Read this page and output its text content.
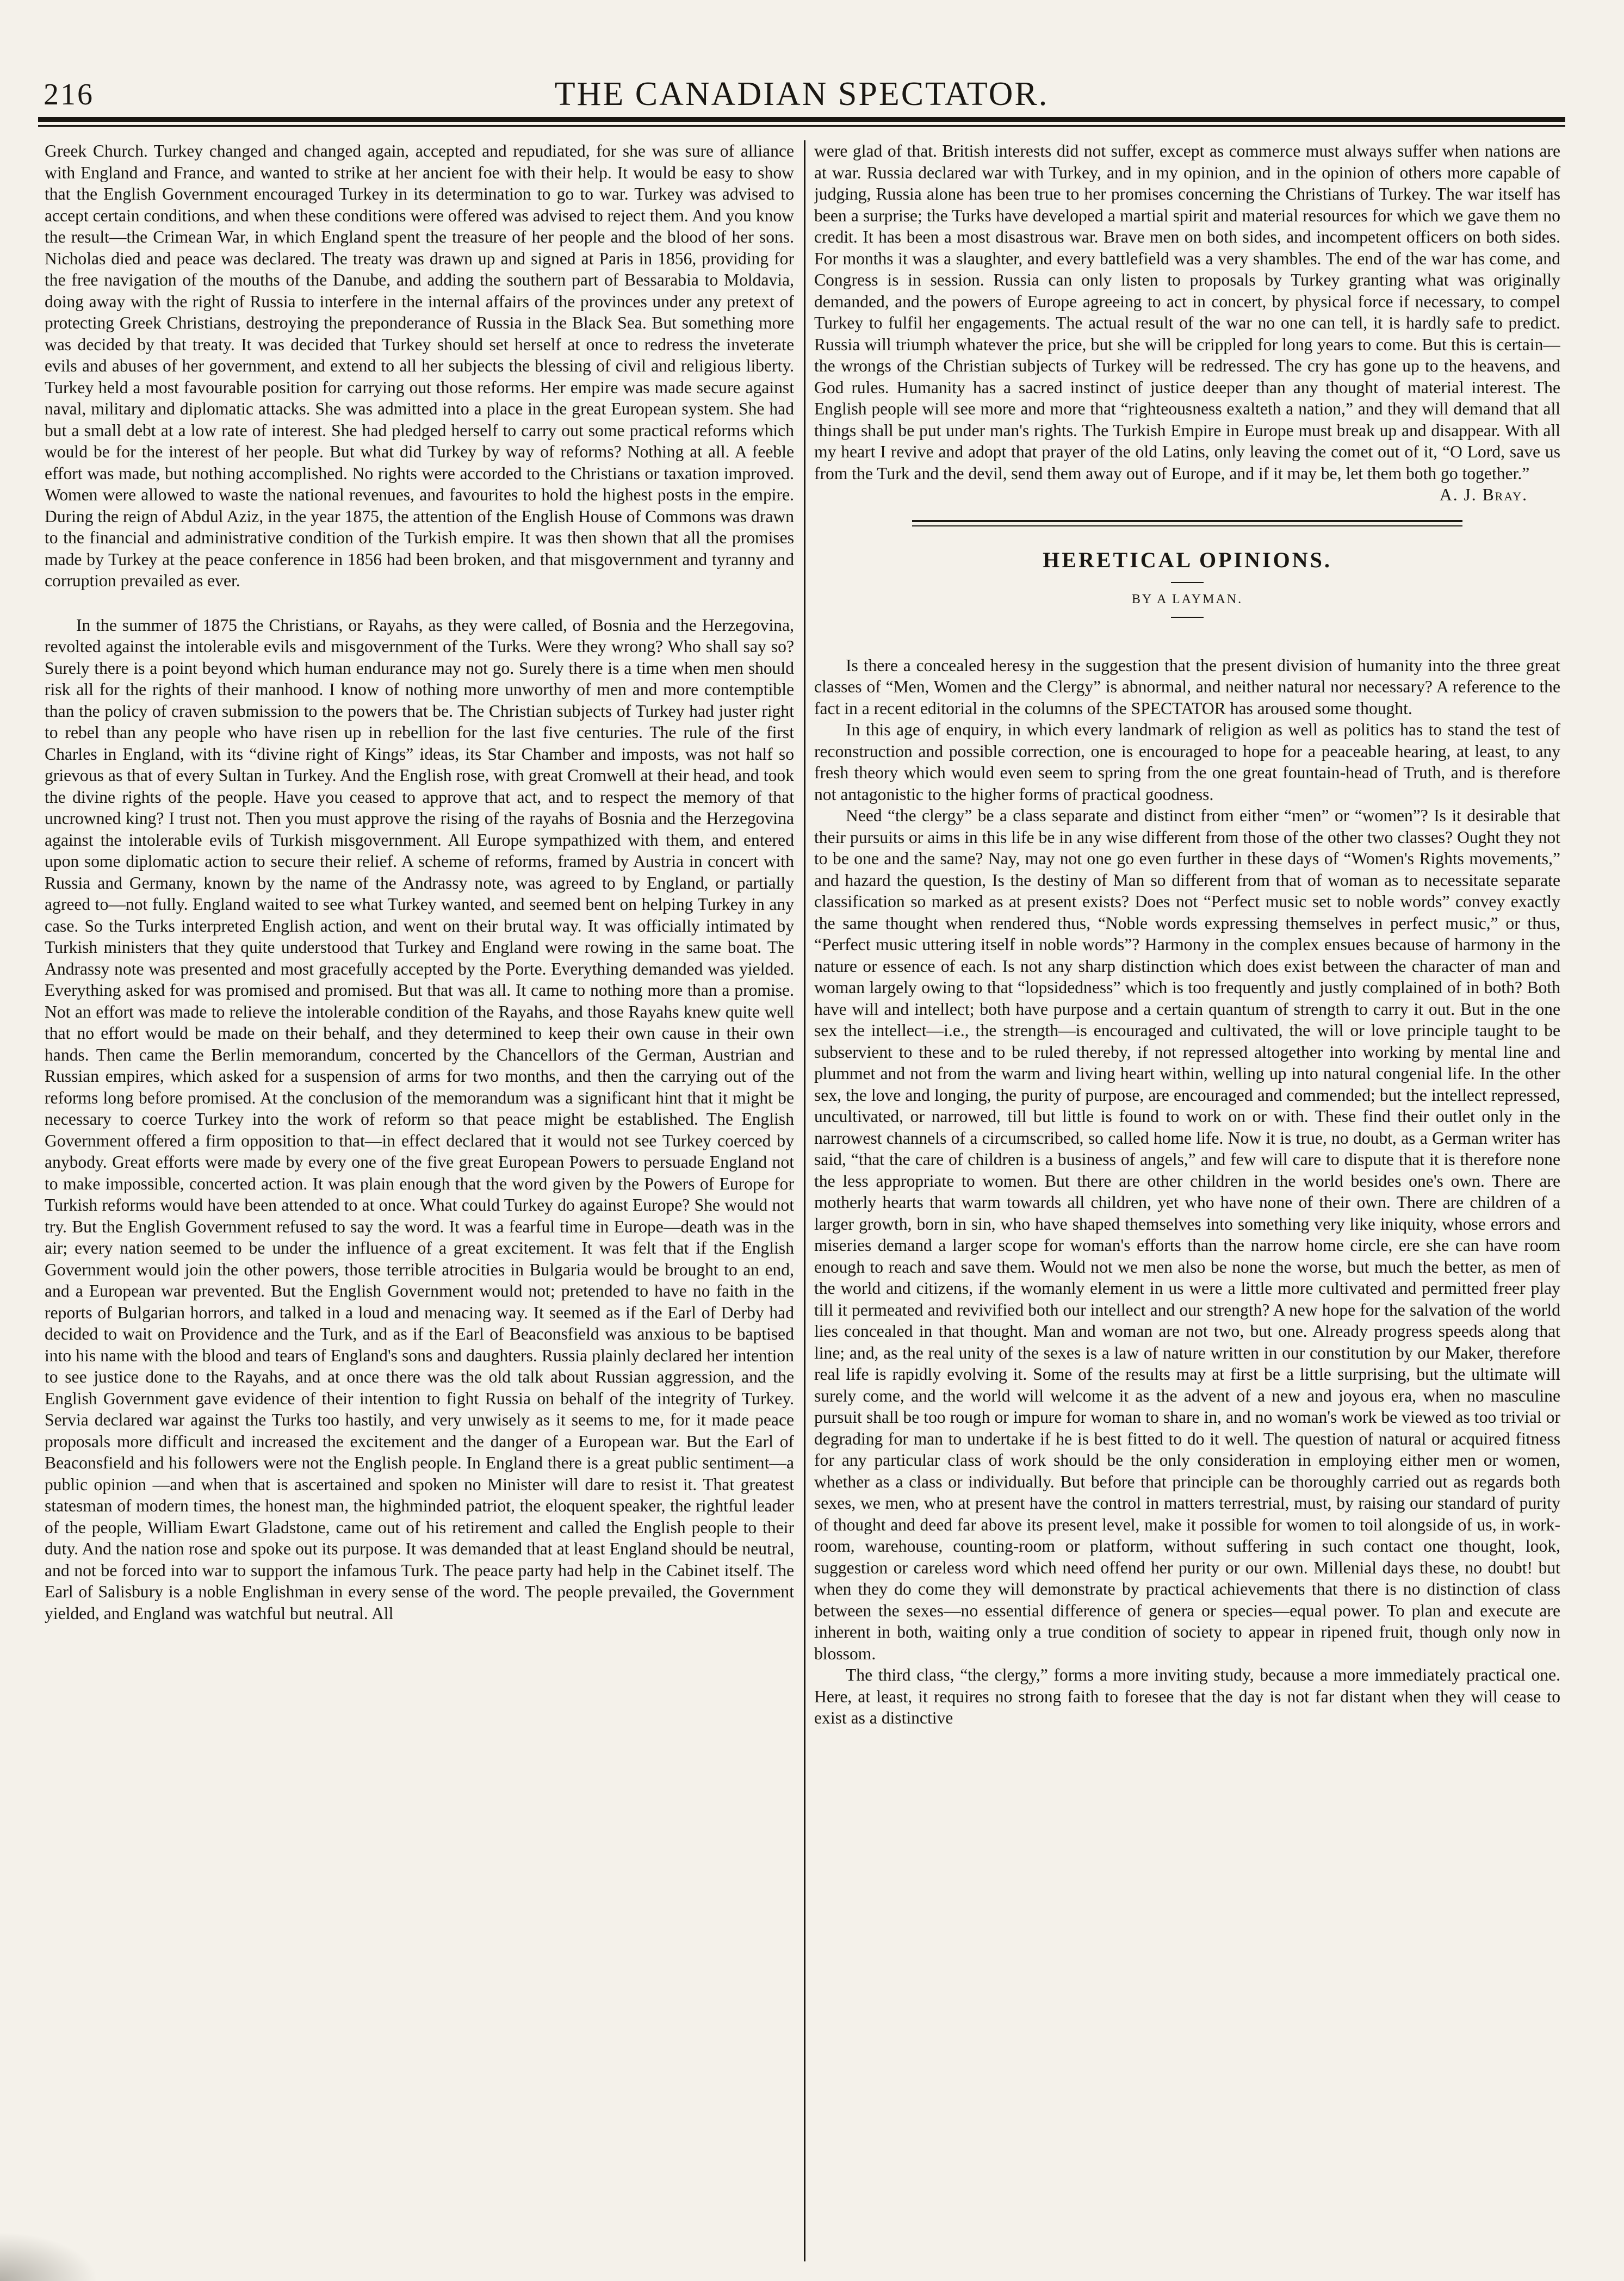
216	THE CANADIAN SPECTATOR.

Greek Church. Turkey changed and changed again, accepted and repudiated, for she was sure of alliance with England and France, and wanted to strike at her ancient foe with their help. It would be easy to show that the English Government encouraged Turkey in its determination to go to war. Turkey was advised to accept certain conditions, and when these conditions were offered was advised to reject them. And you know the result—the Crimean War, in which England spent the treasure of her people and the blood of her sons. Nicholas died and peace was declared. The treaty was drawn up and signed at Paris in 1856, providing for the free navigation of the mouths of the Danube, and adding the southern part of Bessarabia to Moldavia, doing away with the right of Russia to interfere in the internal affairs of the provinces under any pretext of protecting Greek Christians, destroying the preponderance of Russia in the Black Sea. But something more was decided by that treaty. It was decided that Turkey should set herself at once to redress the inveterate evils and abuses of her government, and extend to all her subjects the blessing of civil and religious liberty. Turkey held a most favourable position for carrying out those reforms. Her empire was made secure against naval, military and diplomatic attacks. She was admitted into a place in the great European system. She had but a small debt at a low rate of interest. She had pledged herself to carry out some practical reforms which would be for the interest of her people. But what did Turkey by way of reforms? Nothing at all. A feeble effort was made, but nothing accomplished. No rights were accorded to the Christians or taxation improved. Women were allowed to waste the national revenues, and favourites to hold the highest posts in the empire. During the reign of Abdul Aziz, in the year 1875, the attention of the English House of Commons was drawn to the financial and administrative condition of the Turkish empire. It was then shown that all the promises made by Turkey at the peace conference in 1856 had been broken, and that misgovernment and tyranny and corruption prevailed as ever.

In the summer of 1875 the Christians, or Rayahs, as they were called, of Bosnia and the Herzegovina, revolted against the intolerable evils and misgovernment of the Turks. Were they wrong? Who shall say so? Surely there is a point beyond which human endurance may not go. Surely there is a time when men should risk all for the rights of their manhood. I know of nothing more unworthy of men and more contemptible than the policy of craven submission to the powers that be. The Christian subjects of Turkey had juster right to rebel than any people who have risen up in rebellion for the last five centuries. The rule of the first Charles in England, with its “divine right of Kings” ideas, its Star Chamber and imposts, was not half so grievous as that of every Sultan in Turkey. And the English rose, with great Cromwell at their head, and took the divine rights of the people. Have you ceased to approve that act, and to respect the memory of that uncrowned king? I trust not. Then you must approve the rising of the rayahs of Bosnia and the Herzegovina against the intolerable evils of Turkish misgovernment. All Europe sympathized with them, and entered upon some diplomatic action to secure their relief. A scheme of reforms, framed by Austria in concert with Russia and Germany, known by the name of the Andrassy note, was agreed to by England, or partially agreed to—not fully. England waited to see what Turkey wanted, and seemed bent on helping Turkey in any case. So the Turks interpreted English action, and went on their brutal way. It was officially intimated by Turkish ministers that they quite understood that Turkey and England were rowing in the same boat. The Andrassy note was presented and most gracefully accepted by the Porte. Everything demanded was yielded. Everything asked for was promised and promised. But that was all. It came to nothing more than a promise. Not an effort was made to relieve the intolerable condition of the Rayahs, and those Rayahs knew quite well that no effort would be made on their behalf, and they determined to keep their own cause in their own hands. Then came the Berlin memorandum, concerted by the Chancellors of the German, Austrian and Russian empires, which asked for a suspension of arms for two months, and then the carrying out of the reforms long before promised. At the conclusion of the memorandum was a significant hint that it might be necessary to coerce Turkey into the work of reform so that peace might be established. The English Government offered a firm opposition to that—in effect declared that it would not see Turkey coerced by anybody. Great efforts were made by every one of the five great European Powers to persuade England not to make impossible, concerted action. It was plain enough that the word given by the Powers of Europe for Turkish reforms would have been attended to at once. What could Turkey do against Europe? She would not try. But the English Government refused to say the word. It was a fearful time in Europe—death was in the air; every nation seemed to be under the influence of a great excitement. It was felt that if the English Government would join the other powers, those terrible atrocities in Bulgaria would be brought to an end, and a European war prevented. But the English Government would not; pretended to have no faith in the reports of Bulgarian horrors, and talked in a loud and menacing way. It seemed as if the Earl of Derby had decided to wait on Providence and the Turk, and as if the Earl of Beaconsfield was anxious to be baptised into his name with the blood and tears of England's sons and daughters. Russia plainly declared her intention to see justice done to the Rayahs, and at once there was the old talk about Russian aggression, and the English Government gave evidence of their intention to fight Russia on behalf of the integrity of Turkey. Servia declared war against the Turks too hastily, and very unwisely as it seems to me, for it made peace proposals more difficult and increased the excitement and the danger of a European war. But the Earl of Beaconsfield and his followers were not the English people. In England there is a great public sentiment—a public opinion —and when that is ascertained and spoken no Minister will dare to resist it. That greatest statesman of modern times, the honest man, the highminded patriot, the eloquent speaker, the rightful leader of the people, William Ewart Gladstone, came out of his retirement and called the English people to their duty. And the nation rose and spoke out its purpose. It was demanded that at least England should be neutral, and not be forced into war to support the infamous Turk. The peace party had help in the Cabinet itself. The Earl of Salisbury is a noble Englishman in every sense of the word. The people prevailed, the Government yielded, and England was watchful but neutral. All

were glad of that. British interests did not suffer, except as commerce must always suffer when nations are at war. Russia declared war with Turkey, and in my opinion, and in the opinion of others more capable of judging, Russia alone has been true to her promises concerning the Christians of Turkey. The war itself has been a surprise; the Turks have developed a martial spirit and material resources for which we gave them no credit. It has been a most disastrous war. Brave men on both sides, and incompetent officers on both sides. For months it was a slaughter, and every battlefield was a very shambles. The end of the war has come, and Congress is in session. Russia can only listen to proposals by Turkey granting what was originally demanded, and the powers of Europe agreeing to act in concert, by physical force if necessary, to compel Turkey to fulfil her engagements. The actual result of the war no one can tell, it is hardly safe to predict. Russia will triumph whatever the price, but she will be crippled for long years to come. But this is certain—the wrongs of the Christian subjects of Turkey will be redressed. The cry has gone up to the heavens, and God rules. Humanity has a sacred instinct of justice deeper than any thought of material interest. The English people will see more and more that “righteousness exalteth a nation,” and they will demand that all things shall be put under man's rights. The Turkish Empire in Europe must break up and disappear. With all my heart I revive and adopt that prayer of the old Latins, only leaving the comet out of it, “O Lord, save us from the Turk and the devil, send them away out of Europe, and if it may be, let them both go together.”

A. J. Bray.
HERETICAL OPINIONS.
BY A LAYMAN.

Is there a concealed heresy in the suggestion that the present division of humanity into the three great classes of “Men, Women and the Clergy” is abnormal, and neither natural nor necessary? A reference to the fact in a recent editorial in the columns of the SPECTATOR has aroused some thought.

In this age of enquiry, in which every landmark of religion as well as politics has to stand the test of reconstruction and possible correction, one is encouraged to hope for a peaceable hearing, at least, to any fresh theory which would even seem to spring from the one great fountain-head of Truth, and is therefore not antagonistic to the higher forms of practical goodness.

Need “the clergy” be a class separate and distinct from either “men” or “women”? Is it desirable that their pursuits or aims in this life be in any wise different from those of the other two classes? Ought they not to be one and the same? Nay, may not one go even further in these days of “Women's Rights movements,” and hazard the question, Is the destiny of Man so different from that of woman as to necessitate separate classification so marked as at present exists? Does not “Perfect music set to noble words” convey exactly the same thought when rendered thus, “Noble words expressing themselves in perfect music,” or thus, “Perfect music uttering itself in noble words”? Harmony in the complex ensues because of harmony in the nature or essence of each. Is not any sharp distinction which does exist between the character of man and woman largely owing to that “lopsidedness” which is too frequently and justly complained of in both? Both have will and intellect; both have purpose and a certain quantum of strength to carry it out. But in the one sex the intellect—i.e., the strength—is encouraged and cultivated, the will or love principle taught to be subservient to these and to be ruled thereby, if not repressed altogether into working by mental line and plummet and not from the warm and living heart within, welling up into natural congenial life. In the other sex, the love and longing, the purity of purpose, are encouraged and commended; but the intellect repressed, uncultivated, or narrowed, till but little is found to work on or with. These find their outlet only in the narrowest channels of a circumscribed, so called home life. Now it is true, no doubt, as a German writer has said, “that the care of children is a business of angels,” and few will care to dispute that it is therefore none the less appropriate to women. But there are other children in the world besides one's own. There are motherly hearts that warm towards all children, yet who have none of their own. There are children of a larger growth, born in sin, who have shaped themselves into something very like iniquity, whose errors and miseries demand a larger scope for woman's efforts than the narrow home circle, ere she can have room enough to reach and save them. Would not we men also be none the worse, but much the better, as men of the world and citizens, if the womanly element in us were a little more cultivated and permitted freer play till it permeated and revivified both our intellect and our strength? A new hope for the salvation of the world lies concealed in that thought. Man and woman are not two, but one. Already progress speeds along that line; and, as the real unity of the sexes is a law of nature written in our constitution by our Maker, therefore real life is rapidly evolving it. Some of the results may at first be a little surprising, but the ultimate will surely come, and the world will welcome it as the advent of a new and joyous era, when no masculine pursuit shall be too rough or impure for woman to share in, and no woman's work be viewed as too trivial or degrading for man to undertake if he is best fitted to do it well. The question of natural or acquired fitness for any particular class of work should be the only consideration in employing either men or women, whether as a class or individually. But before that principle can be thoroughly carried out as regards both sexes, we men, who at present have the control in matters terrestrial, must, by raising our standard of purity of thought and deed far above its present level, make it possible for women to toil alongside of us, in work-room, warehouse, counting-room or platform, without suffering in such contact one thought, look, suggestion or careless word which need offend her purity or our own. Millenial days these, no doubt! but when they do come they will demonstrate by practical achievements that there is no distinction of class between the sexes—no essential difference of genera or species—equal power. To plan and execute are inherent in both, waiting only a true condition of society to appear in ripened fruit, though only now in blossom.

The third class, “the clergy,” forms a more inviting study, because a more immediately practical one. Here, at least, it requires no strong faith to foresee that the day is not far distant when they will cease to exist as a distinctive
